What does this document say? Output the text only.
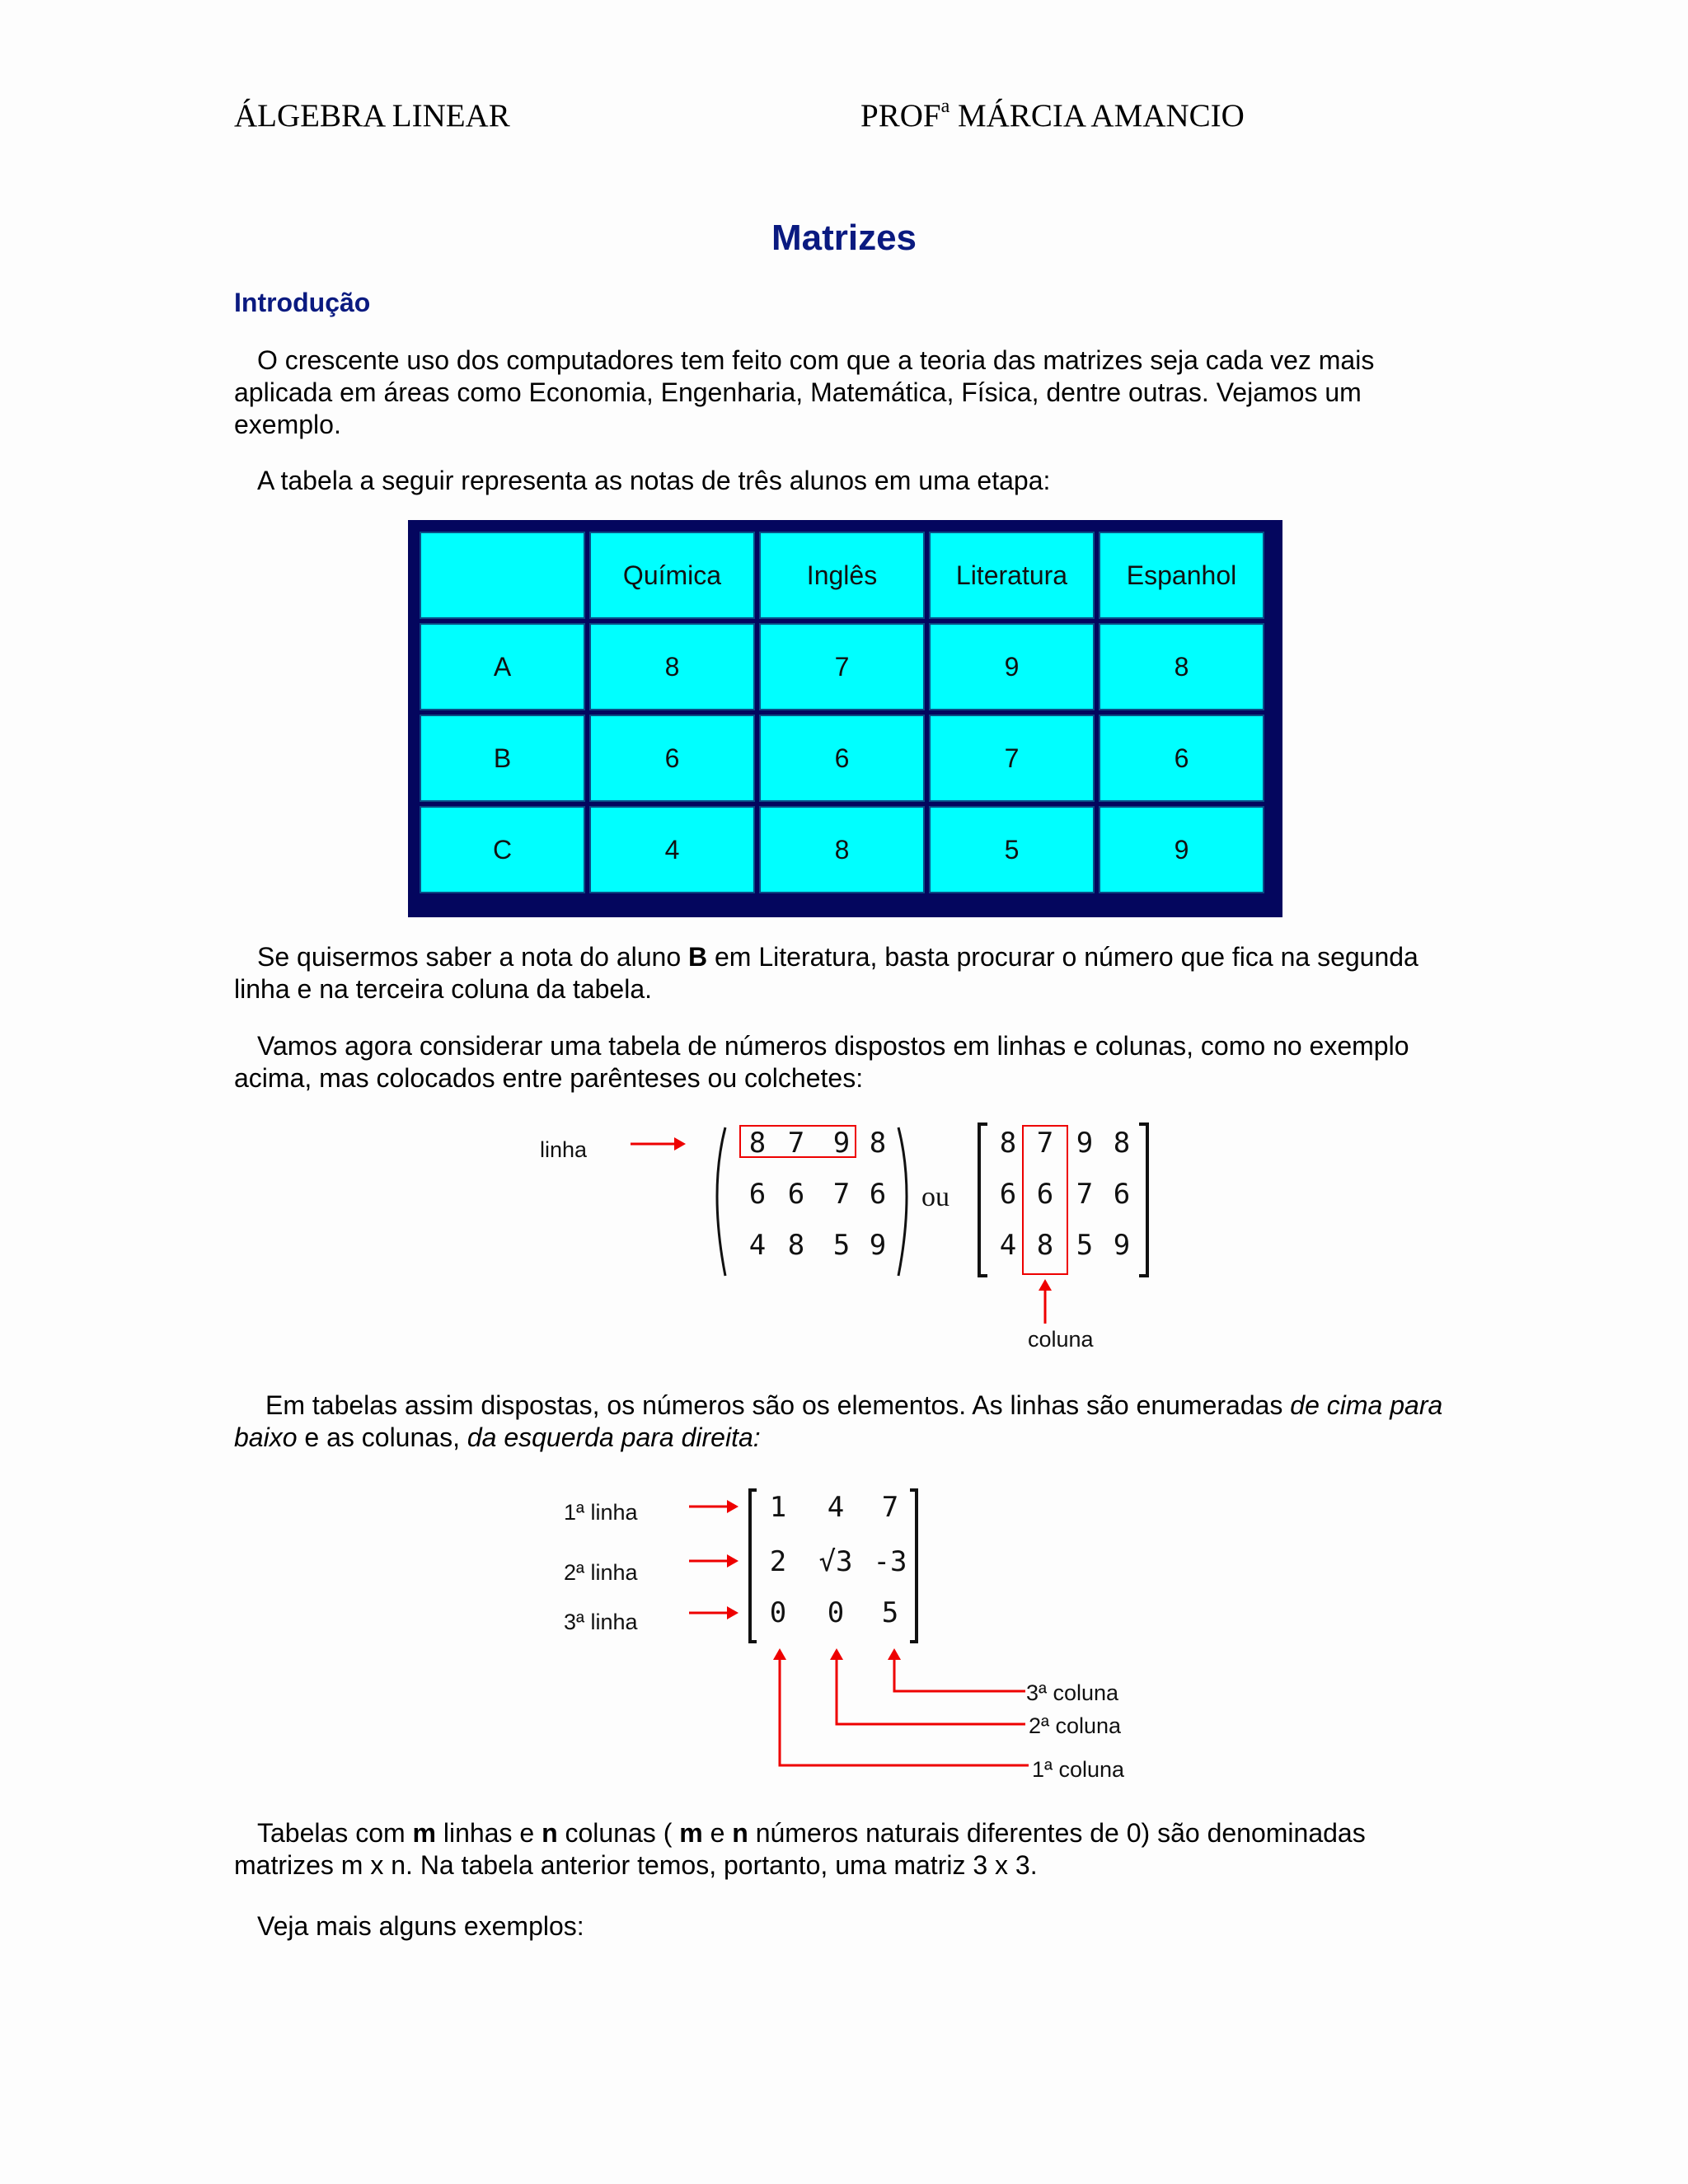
ÁLGEBRA LINEAR	PROF$^a$ MÁRCIA AMANCIO
Matrizes
Introdução
O crescente uso dos computadores tem feito com que a teoria das matrizes seja cada vez mais aplicada em áreas como Economia, Engenharia, Matemática, Física, dentre outras. Vejamos um exemplo.
A tabela a seguir representa as notas de três alunos em uma etapa:
	Química	Inglês	Literatura	Espanhol
A	8	7	9	8
B	6	6	7	6
C	4	8	5	9
Se quisermos saber a nota do aluno B em Literatura, basta procurar o número que fica na segunda linha e na terceira coluna da tabela.
Vamos agora considerar uma tabela de números dispostos em linhas e colunas, como no exemplo acima, mas colocados entre parênteses ou colchetes:
linha
coluna
ou
8 7 9 8
6 6 7 6
4 8 5 9
8 7 9 8
6 6 7 6
4 8 5 9
Em tabelas assim dispostas, os números são os elementos. As linhas são enumeradas de cima para baixo e as colunas, da esquerda para direita:
1ª linha
2ª linha
3ª linha
3ª coluna
2ª coluna
1ª coluna
1 4 7
2 √3 -3
0 0 5
Tabelas com m linhas e n colunas ( m e n números naturais diferentes de 0) são denominadas matrizes m x n. Na tabela anterior temos, portanto, uma matriz 3 x 3.
Veja mais alguns exemplos:
